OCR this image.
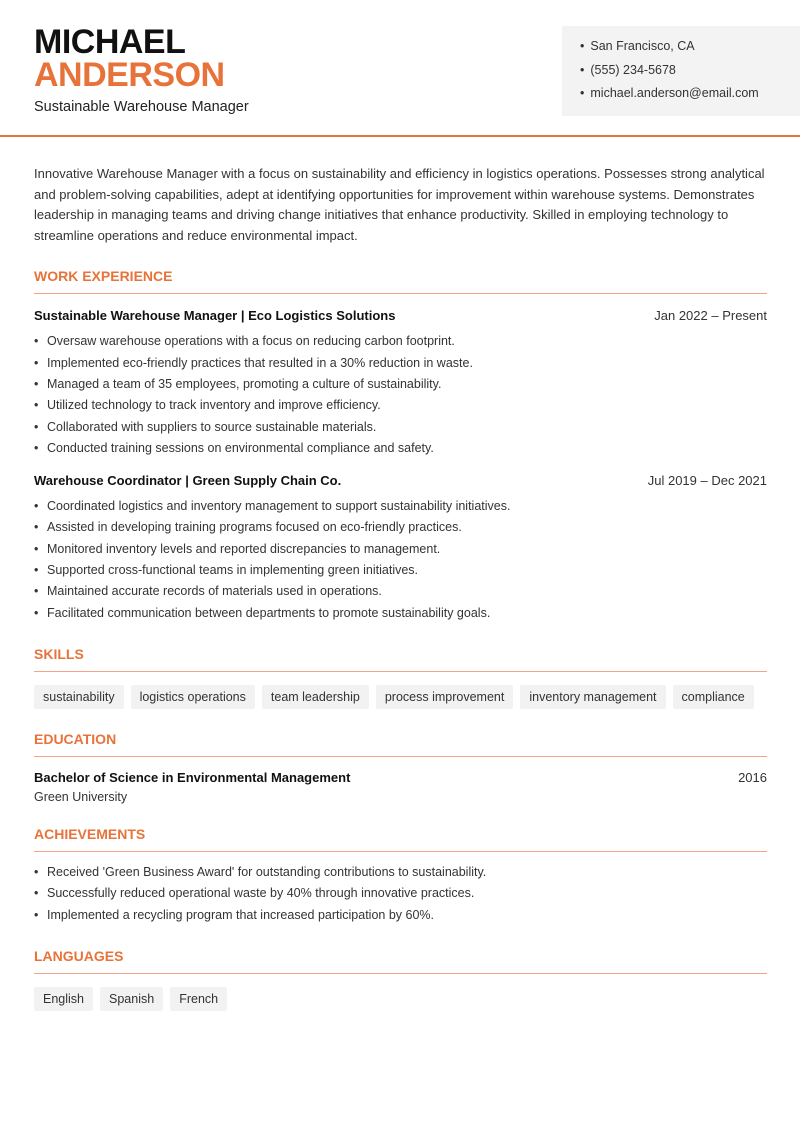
MICHAEL
ANDERSON
Sustainable Warehouse Manager
• San Francisco, CA
• (555) 234-5678
• michael.anderson@email.com

Innovative Warehouse Manager with a focus on sustainability and efficiency in logistics operations. Possesses strong analytical and problem-solving capabilities, adept at identifying opportunities for improvement within warehouse systems. Demonstrates leadership in managing teams and driving change initiatives that enhance productivity. Skilled in employing technology to streamline operations and reduce environmental impact.

WORK EXPERIENCE
Sustainable Warehouse Manager | Eco Logistics Solutions	Jan 2022 – Present
• Oversaw warehouse operations with a focus on reducing carbon footprint.
• Implemented eco-friendly practices that resulted in a 30% reduction in waste.
• Managed a team of 35 employees, promoting a culture of sustainability.
• Utilized technology to track inventory and improve efficiency.
• Collaborated with suppliers to source sustainable materials.
• Conducted training sessions on environmental compliance and safety.
Warehouse Coordinator | Green Supply Chain Co.	Jul 2019 – Dec 2021
• Coordinated logistics and inventory management to support sustainability initiatives.
• Assisted in developing training programs focused on eco-friendly practices.
• Monitored inventory levels and reported discrepancies to management.
• Supported cross-functional teams in implementing green initiatives.
• Maintained accurate records of materials used in operations.
• Facilitated communication between departments to promote sustainability goals.
SKILLS
sustainability	logistics operations	team leadership	process improvement	inventory management	compliance
EDUCATION
Bachelor of Science in Environmental Management	2016
Green University
ACHIEVEMENTS
• Received 'Green Business Award' for outstanding contributions to sustainability.
• Successfully reduced operational waste by 40% through innovative practices.
• Implemented a recycling program that increased participation by 60%.
LANGUAGES
English	Spanish	French
